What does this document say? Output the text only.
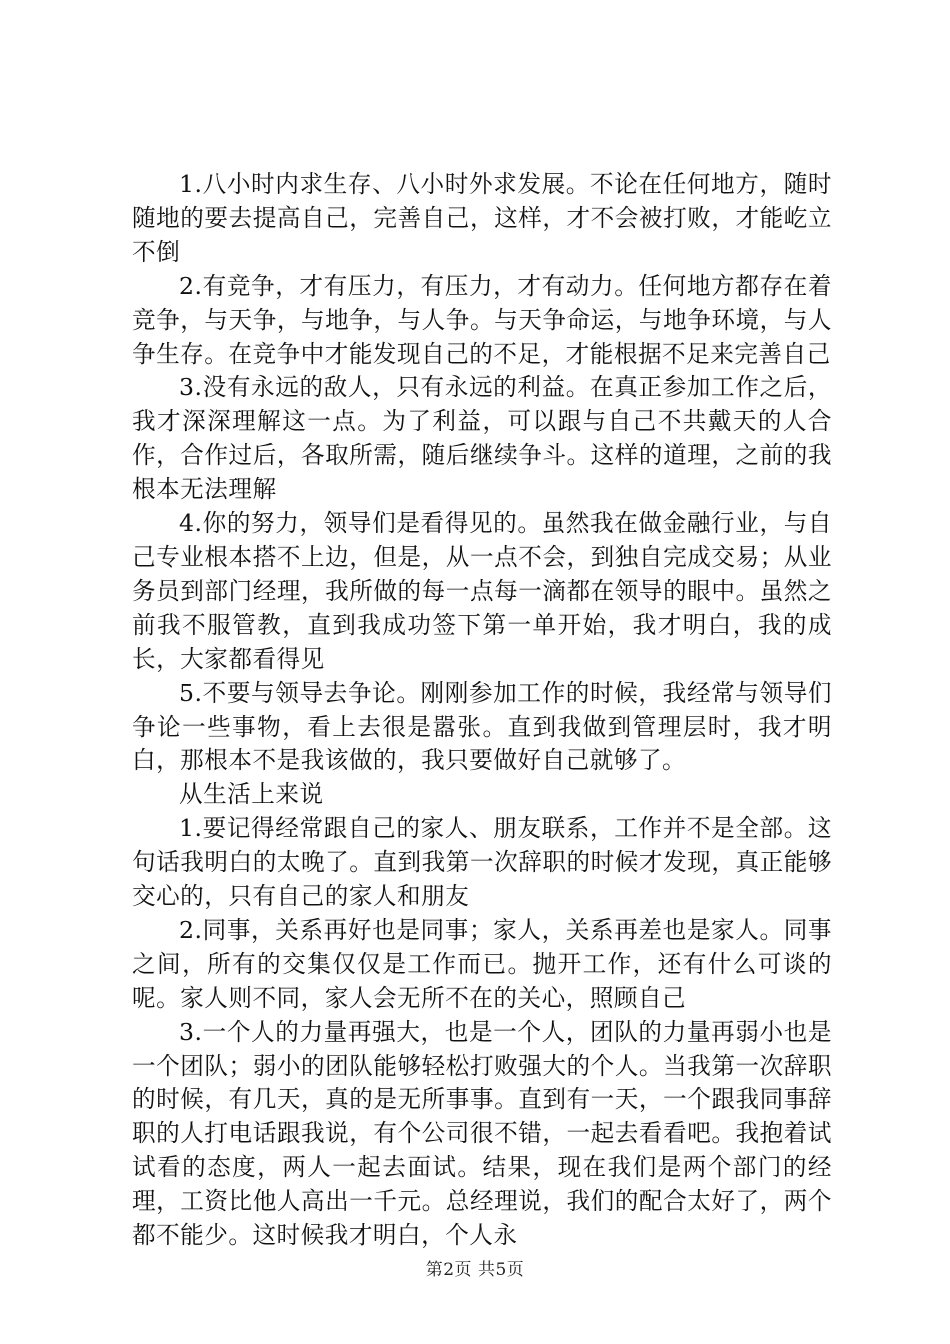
1.八小时内求生存、八小时外求发展。不论在任何地方，随时随地的要去提高自己，完善自己，这样，才不会被打败，才能屹立不倒

2.有竞争，才有压力，有压力，才有动力。任何地方都存在着竞争，与天争，与地争，与人争。与天争命运，与地争环境，与人争生存。在竞争中才能发现自己的不足，才能根据不足来完善自己

3.没有永远的敌人，只有永远的利益。在真正参加工作之后，我才深深理解这一点。为了利益，可以跟与自己不共戴天的人合作，合作过后，各取所需，随后继续争斗。这样的道理，之前的我根本无法理解

4.你的努力，领导们是看得见的。虽然我在做金融行业，与自己专业根本搭不上边，但是，从一点不会，到独自完成交易；从业务员到部门经理，我所做的每一点每一滴都在领导的眼中。虽然之前我不服管教，直到我成功签下第一单开始，我才明白，我的成长，大家都看得见

5.不要与领导去争论。刚刚参加工作的时候，我经常与领导们争论一些事物，看上去很是嚣张。直到我做到管理层时，我才明白，那根本不是我该做的，我只要做好自己就够了。

从生活上来说

1.要记得经常跟自己的家人、朋友联系，工作并不是全部。这句话我明白的太晚了。直到我第一次辞职的时候才发现，真正能够交心的，只有自己的家人和朋友

2.同事，关系再好也是同事；家人，关系再差也是家人。同事之间，所有的交集仅仅是工作而已。抛开工作，还有什么可谈的呢。家人则不同，家人会无所不在的关心，照顾自己

3.一个人的力量再强大，也是一个人，团队的力量再弱小也是一个团队；弱小的团队能够轻松打败强大的个人。当我第一次辞职的时候，有几天，真的是无所事事。直到有一天，一个跟我同事辞职的人打电话跟我说，有个公司很不错，一起去看看吧。我抱着试试看的态度，两人一起去面试。结果，现在我们是两个部门的经理，工资比他人高出一千元。总经理说，我们的配合太好了，两个都不能少。这时候我才明白，个人永

第2页 共5页
